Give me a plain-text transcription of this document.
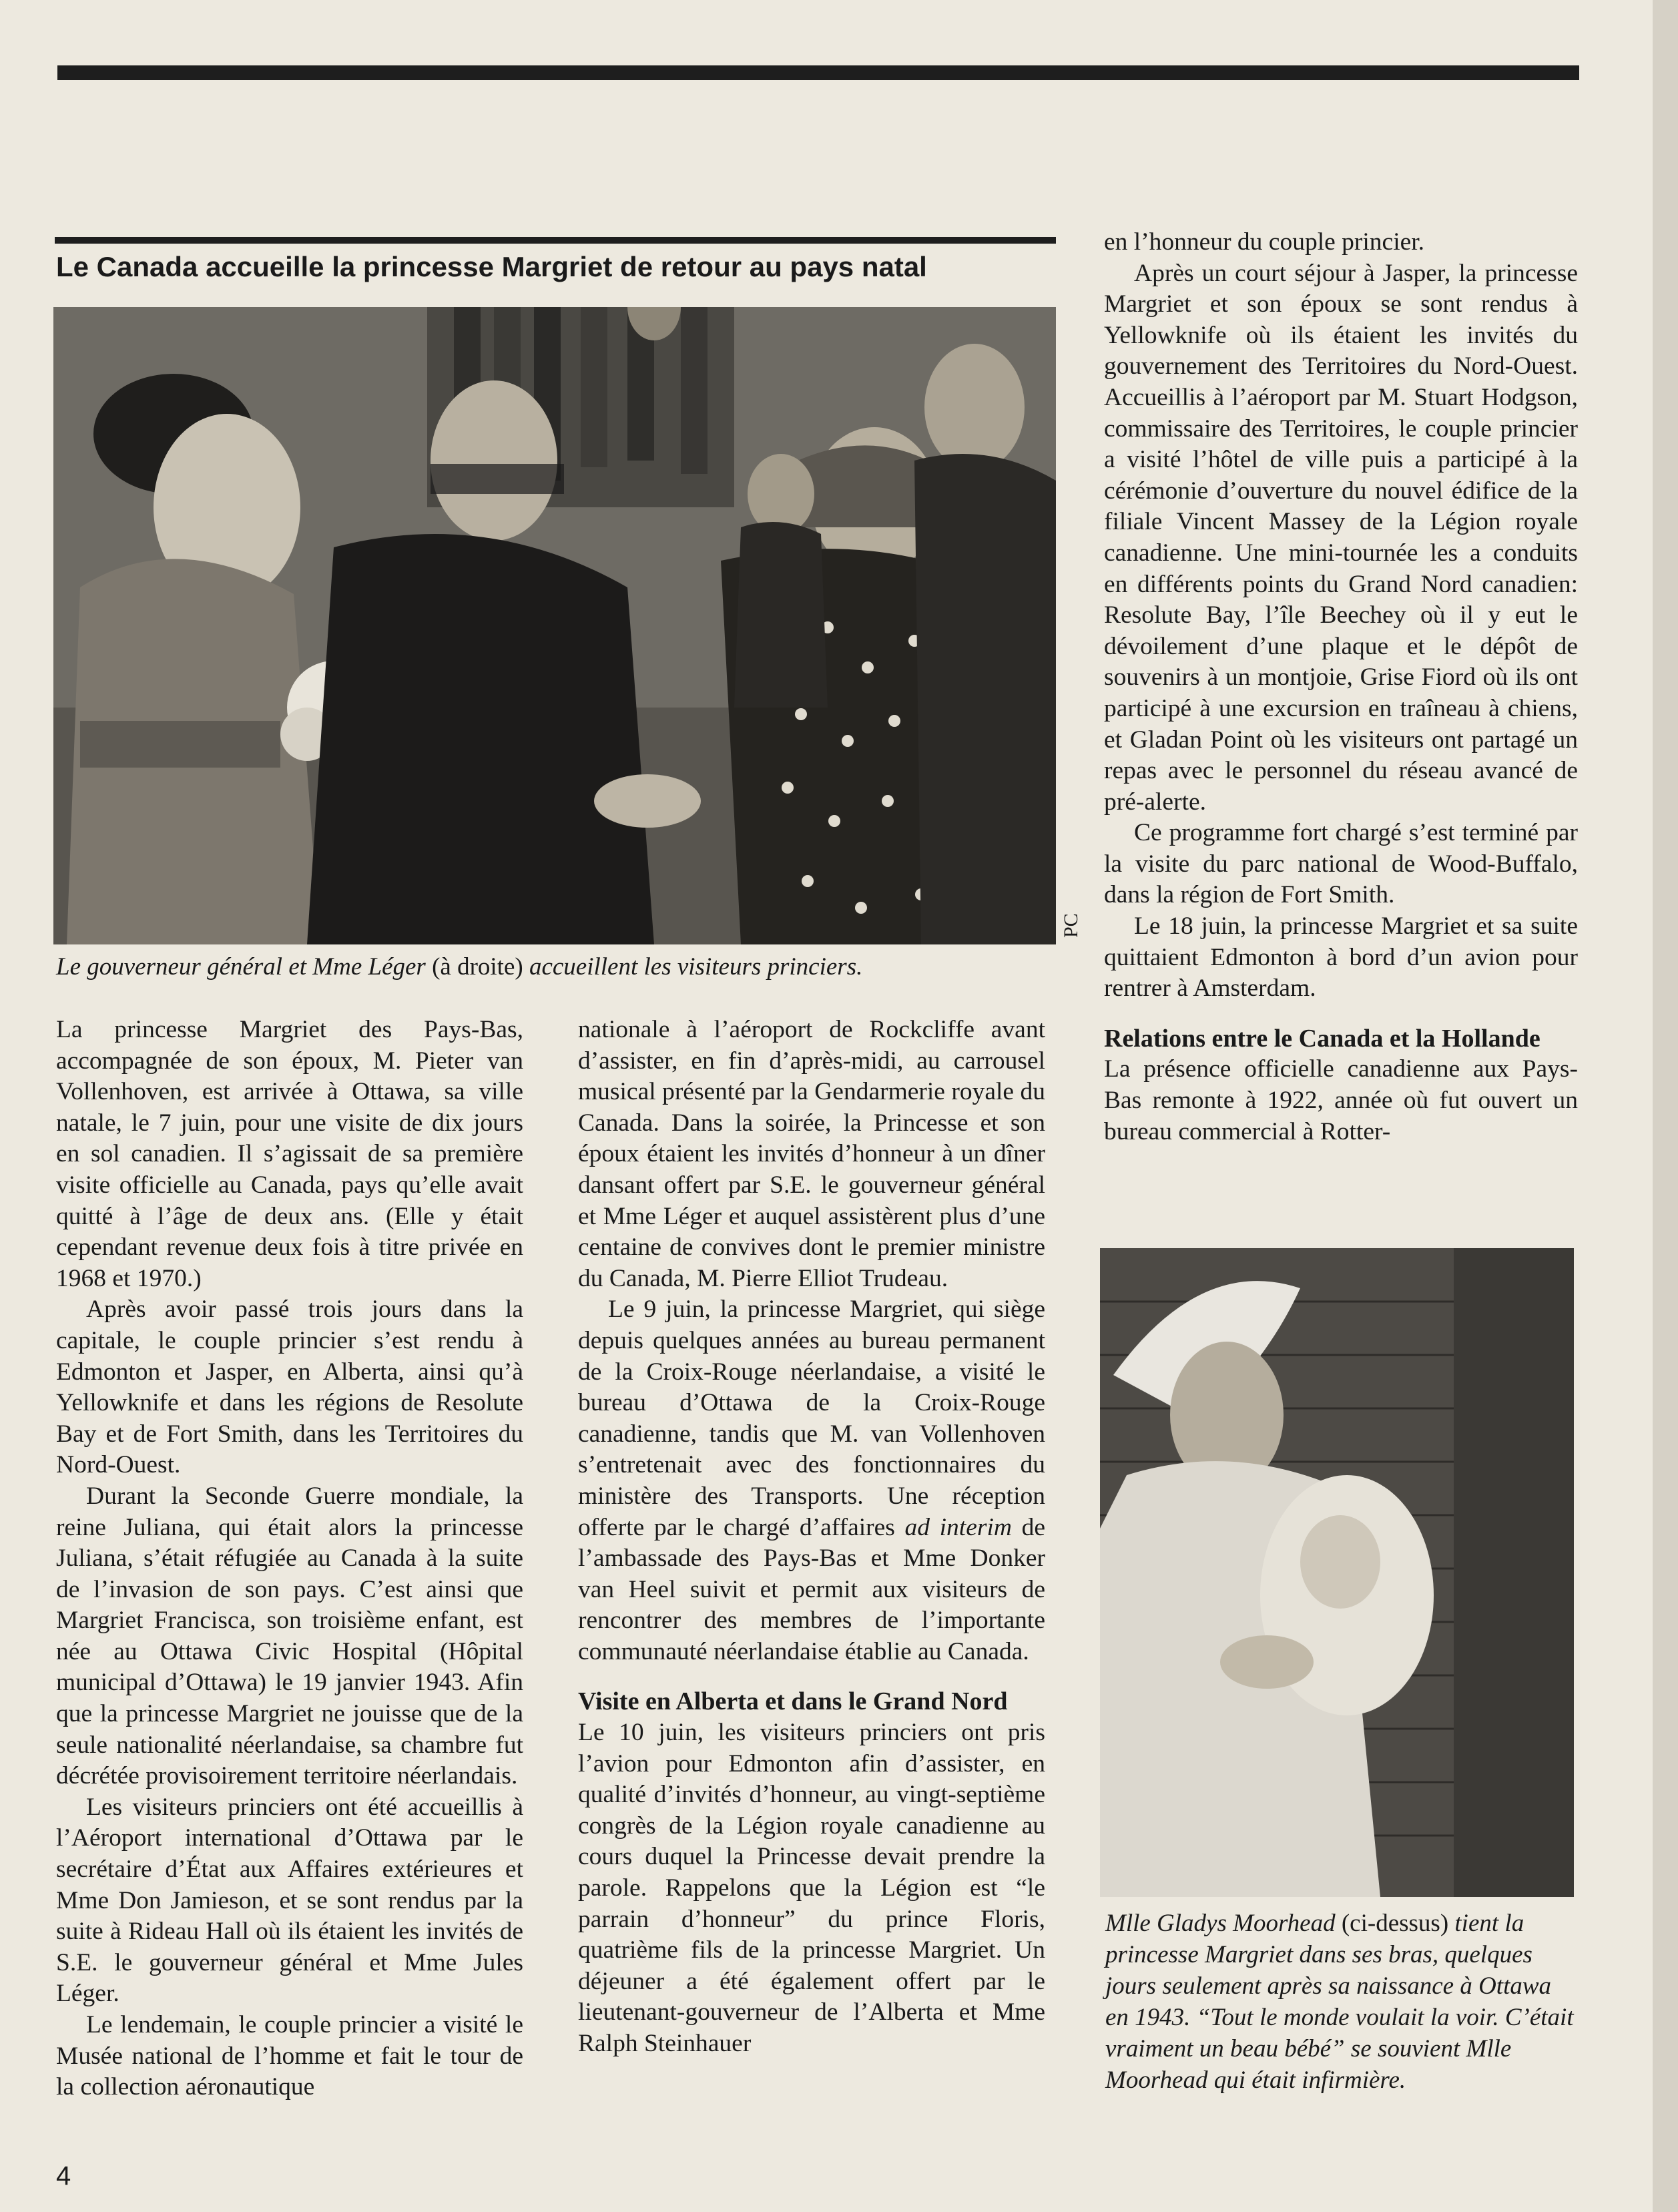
Le Canada accueille la princesse Margriet de retour au pays natal
PC
Le gouverneur général et Mme Léger (à droite) accueillent les visiteurs princiers.

La princesse Margriet des Pays-Bas, accompagnée de son époux, M. Pieter van Vollenhoven, est arrivée à Ottawa, sa ville natale, le 7 juin, pour une visite de dix jours en sol canadien. Il s’agissait de sa première visite officielle au Canada, pays qu’elle avait quitté à l’âge de deux ans. (Elle y était cependant revenue deux fois à titre privée en 1968 et 1970.)

Après avoir passé trois jours dans la capitale, le couple princier s’est rendu à Edmonton et Jasper, en Alberta, ainsi qu’à Yellowknife et dans les régions de Resolute Bay et de Fort Smith, dans les Territoires du Nord-Ouest.

Durant la Seconde Guerre mondiale, la reine Juliana, qui était alors la princesse Juliana, s’était réfugiée au Canada à la suite de l’invasion de son pays. C’est ainsi que Margriet Francisca, son troisième enfant, est née au Ottawa Civic Hospital (Hôpital municipal d’Ottawa) le 19 janvier 1943. Afin que la princesse Margriet ne jouisse que de la seule nationalité néerlandaise, sa chambre fut décrétée provisoirement territoire néerlandais.

Les visiteurs princiers ont été accueillis à l’Aéroport international d’Ottawa par le secrétaire d’État aux Affaires extérieures et Mme Don Jamieson, et se sont rendus par la suite à Rideau Hall où ils étaient les invités de S.E. le gouverneur général et Mme Jules Léger.

Le lendemain, le couple princier a visité le Musée national de l’homme et fait le tour de la collection aéronautique

nationale à l’aéroport de Rockcliffe avant d’assister, en fin d’après-midi, au carrousel musical présenté par la Gendarmerie royale du Canada. Dans la soirée, la Princesse et son époux étaient les invités d’honneur à un dîner dansant offert par S.E. le gouverneur général et Mme Léger et auquel assistèrent plus d’une centaine de convives dont le premier ministre du Canada, M. Pierre Elliot Trudeau.

Le 9 juin, la princesse Margriet, qui siège depuis quelques années au bureau permanent de la Croix-Rouge néerlandaise, a visité le bureau d’Ottawa de la Croix-Rouge canadienne, tandis que M. van Vollenhoven s’entretenait avec des fonctionnaires du ministère des Transports. Une réception offerte par le chargé d’affaires ad interim de l’ambassade des Pays-Bas et Mme Donker van Heel suivit et permit aux visiteurs de rencontrer des membres de l’importante communauté néerlandaise établie au Canada.

Visite en Alberta et dans le Grand Nord

Le 10 juin, les visiteurs princiers ont pris l’avion pour Edmonton afin d’assister, en qualité d’invités d’honneur, au vingt-septième congrès de la Légion royale canadienne au cours duquel la Princesse devait prendre la parole. Rappelons que la Légion est “le parrain d’honneur” du prince Floris, quatrième fils de la princesse Margriet. Un déjeuner a été également offert par le lieutenant-gouverneur de l’Alberta et Mme Ralph Steinhauer

en l’honneur du couple princier.

Après un court séjour à Jasper, la princesse Margriet et son époux se sont rendus à Yellowknife où ils étaient les invités du gouvernement des Territoires du Nord-Ouest. Accueillis à l’aéroport par M. Stuart Hodgson, commissaire des Territoires, le couple princier a visité l’hôtel de ville puis a participé à la cérémonie d’ouverture du nouvel édifice de la filiale Vincent Massey de la Légion royale canadienne. Une mini-tournée les a conduits en différents points du Grand Nord canadien: Resolute Bay, l’île Beechey où il y eut le dévoilement d’une plaque et le dépôt de souvenirs à un montjoie, Grise Fiord où ils ont participé à une excursion en traîneau à chiens, et Gladan Point où les visiteurs ont partagé un repas avec le personnel du réseau avancé de pré-alerte.

Ce programme fort chargé s’est terminé par la visite du parc national de Wood-Buffalo, dans la région de Fort Smith.

Le 18 juin, la princesse Margriet et sa suite quittaient Edmonton à bord d’un avion pour rentrer à Amsterdam.

Relations entre le Canada et la Hollande

La présence officielle canadienne aux Pays-Bas remonte à 1922, année où fut ouvert un bureau commercial à Rotter-

Mlle Gladys Moorhead (ci-dessus) tient la princesse Margriet dans ses bras, quelques jours seulement après sa naissance à Ottawa en 1943. “Tout le monde voulait la voir. C’était vraiment un beau bébé” se souvient Mlle Moorhead qui était infirmière.
4
